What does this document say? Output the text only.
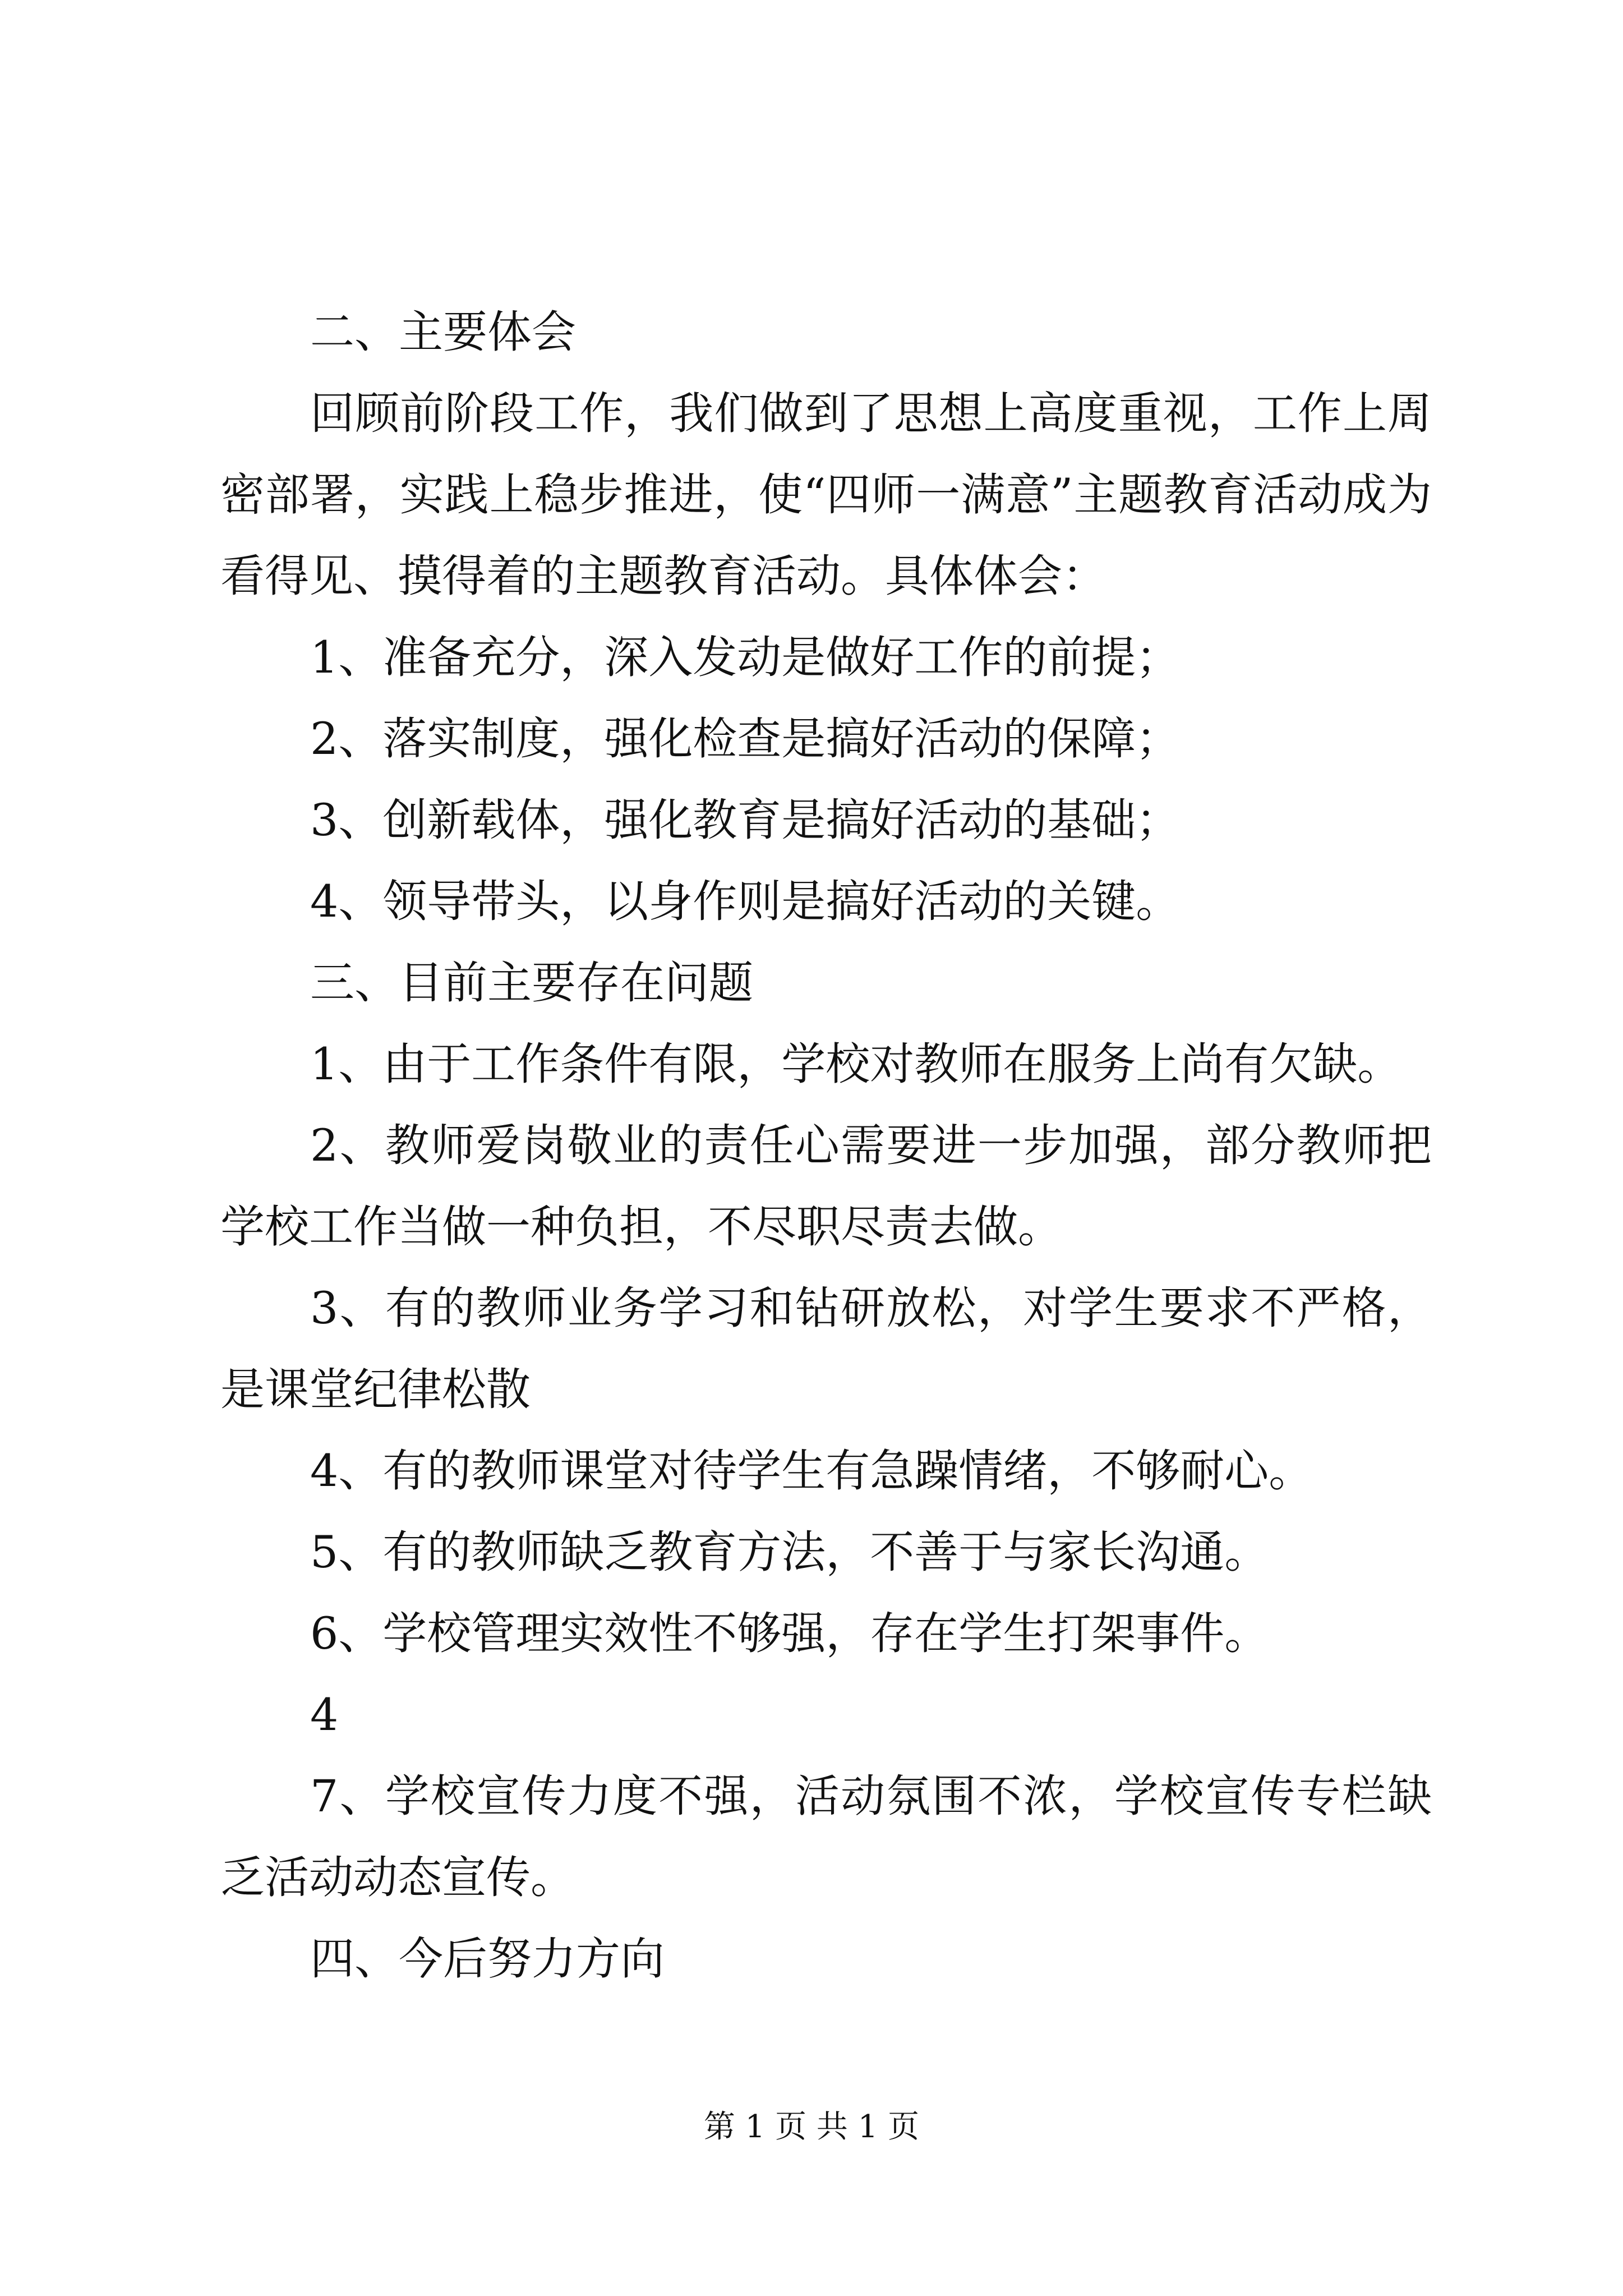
二、主要体会

回顾前阶段工作，我们做到了思想上高度重视，工作上周密部署，实践上稳步推进，使“四师一满意”主题教育活动成为看得见、摸得着的主题教育活动。具体体会：

1、准备充分，深入发动是做好工作的前提；

2、落实制度，强化检查是搞好活动的保障；

3、创新载体，强化教育是搞好活动的基础；

4、领导带头，以身作则是搞好活动的关键。

三、目前主要存在问题

1、由于工作条件有限，学校对教师在服务上尚有欠缺。

2、教师爱岗敬业的责任心需要进一步加强，部分教师把学校工作当做一种负担，不尽职尽责去做。

3、有的教师业务学习和钻研放松，对学生要求不严格，是课堂纪律松散

4、有的教师课堂对待学生有急躁情绪，不够耐心。

5、有的教师缺乏教育方法，不善于与家长沟通。

6、学校管理实效性不够强，存在学生打架事件。

4

7、学校宣传力度不强，活动氛围不浓，学校宣传专栏缺乏活动动态宣传。

四、今后努力方向

第 1 页 共 1 页
